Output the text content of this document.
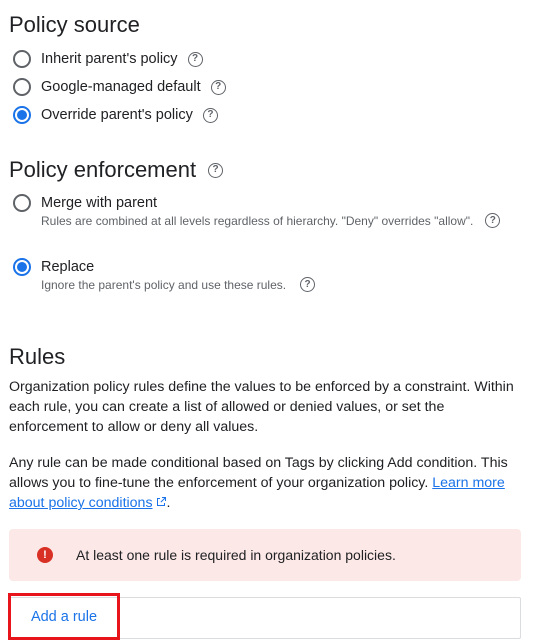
Policy source
Inherit parent's policy	?
Google-managed default	?
Override parent's policy	?
Policy enforcement	?
Merge with parent
Rules are combined at all levels regardless of hierarchy. "Deny" overrides "allow".	?
Replace
Ignore the parent's policy and use these rules.	?
Rules
Organization policy rules define the values to be enforced by a constraint. Within each rule, you can create a list of allowed or denied values, or set the enforcement to allow or deny all values.
Any rule can be made conditional based on Tags by clicking Add condition. This allows you to fine-tune the enforcement of your organization policy. Learn more about policy conditions .
!	At least one rule is required in organization policies.
Add a rule
